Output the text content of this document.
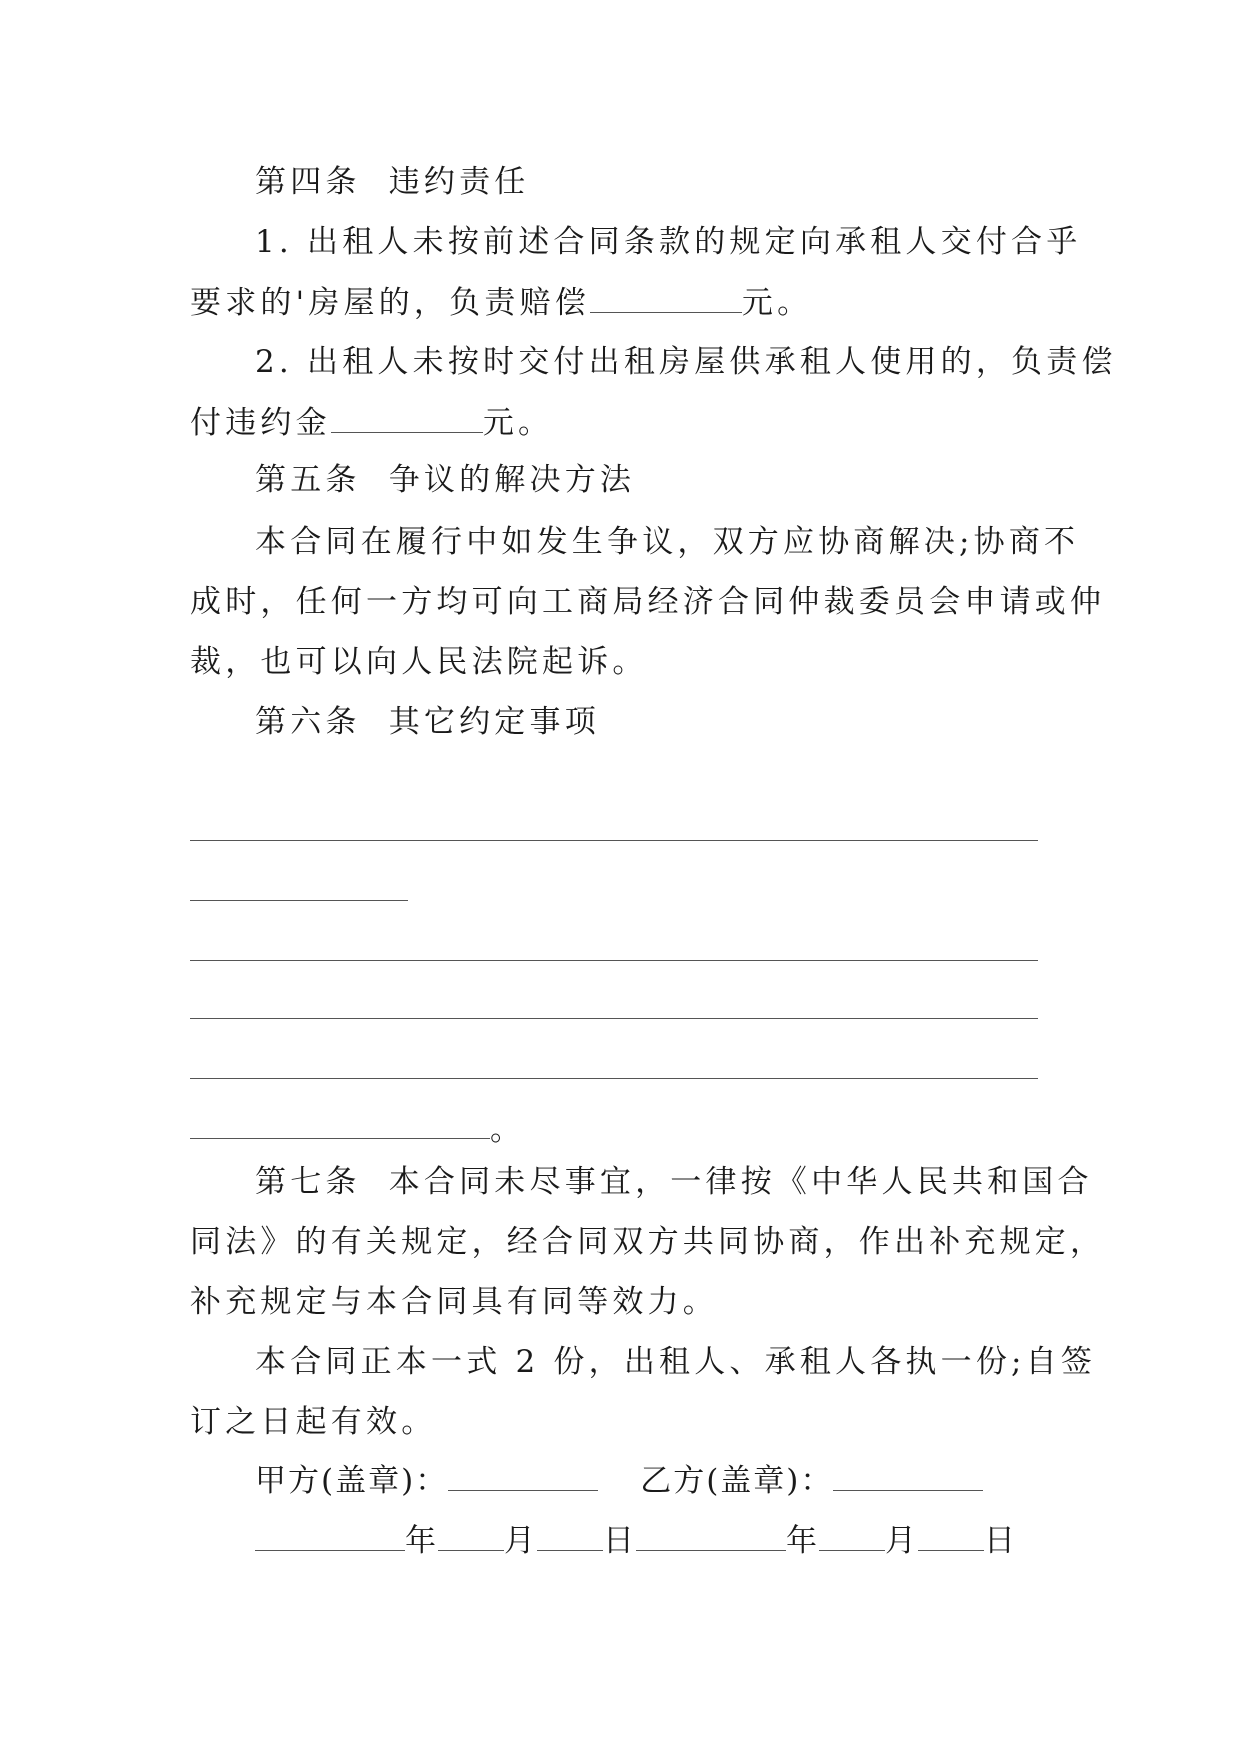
第四条  违约责任
1. 出租人未按前述合同条款的规定向承租人交付合乎
要求的'房屋的，负责赔偿	元。
2. 出租人未按时交付出租房屋供承租人使用的，负责偿
付违约金	元。
第五条  争议的解决方法
本合同在履行中如发生争议，双方应协商解决;协商不
成时，任何一方均可向工商局经济合同仲裁委员会申请或仲
裁，也可以向人民法院起诉。
第六条  其它约定事项
。
第七条  本合同未尽事宜，一律按《中华人民共和国合
同法》的有关规定，经合同双方共同协商，作出补充规定，
补充规定与本合同具有同等效力。
本合同正本一式 2 份，出租人、承租人各执一份;自签
订之日起有效。
甲方(盖章)：	乙方(盖章)：
年 月 日	年 月 日
